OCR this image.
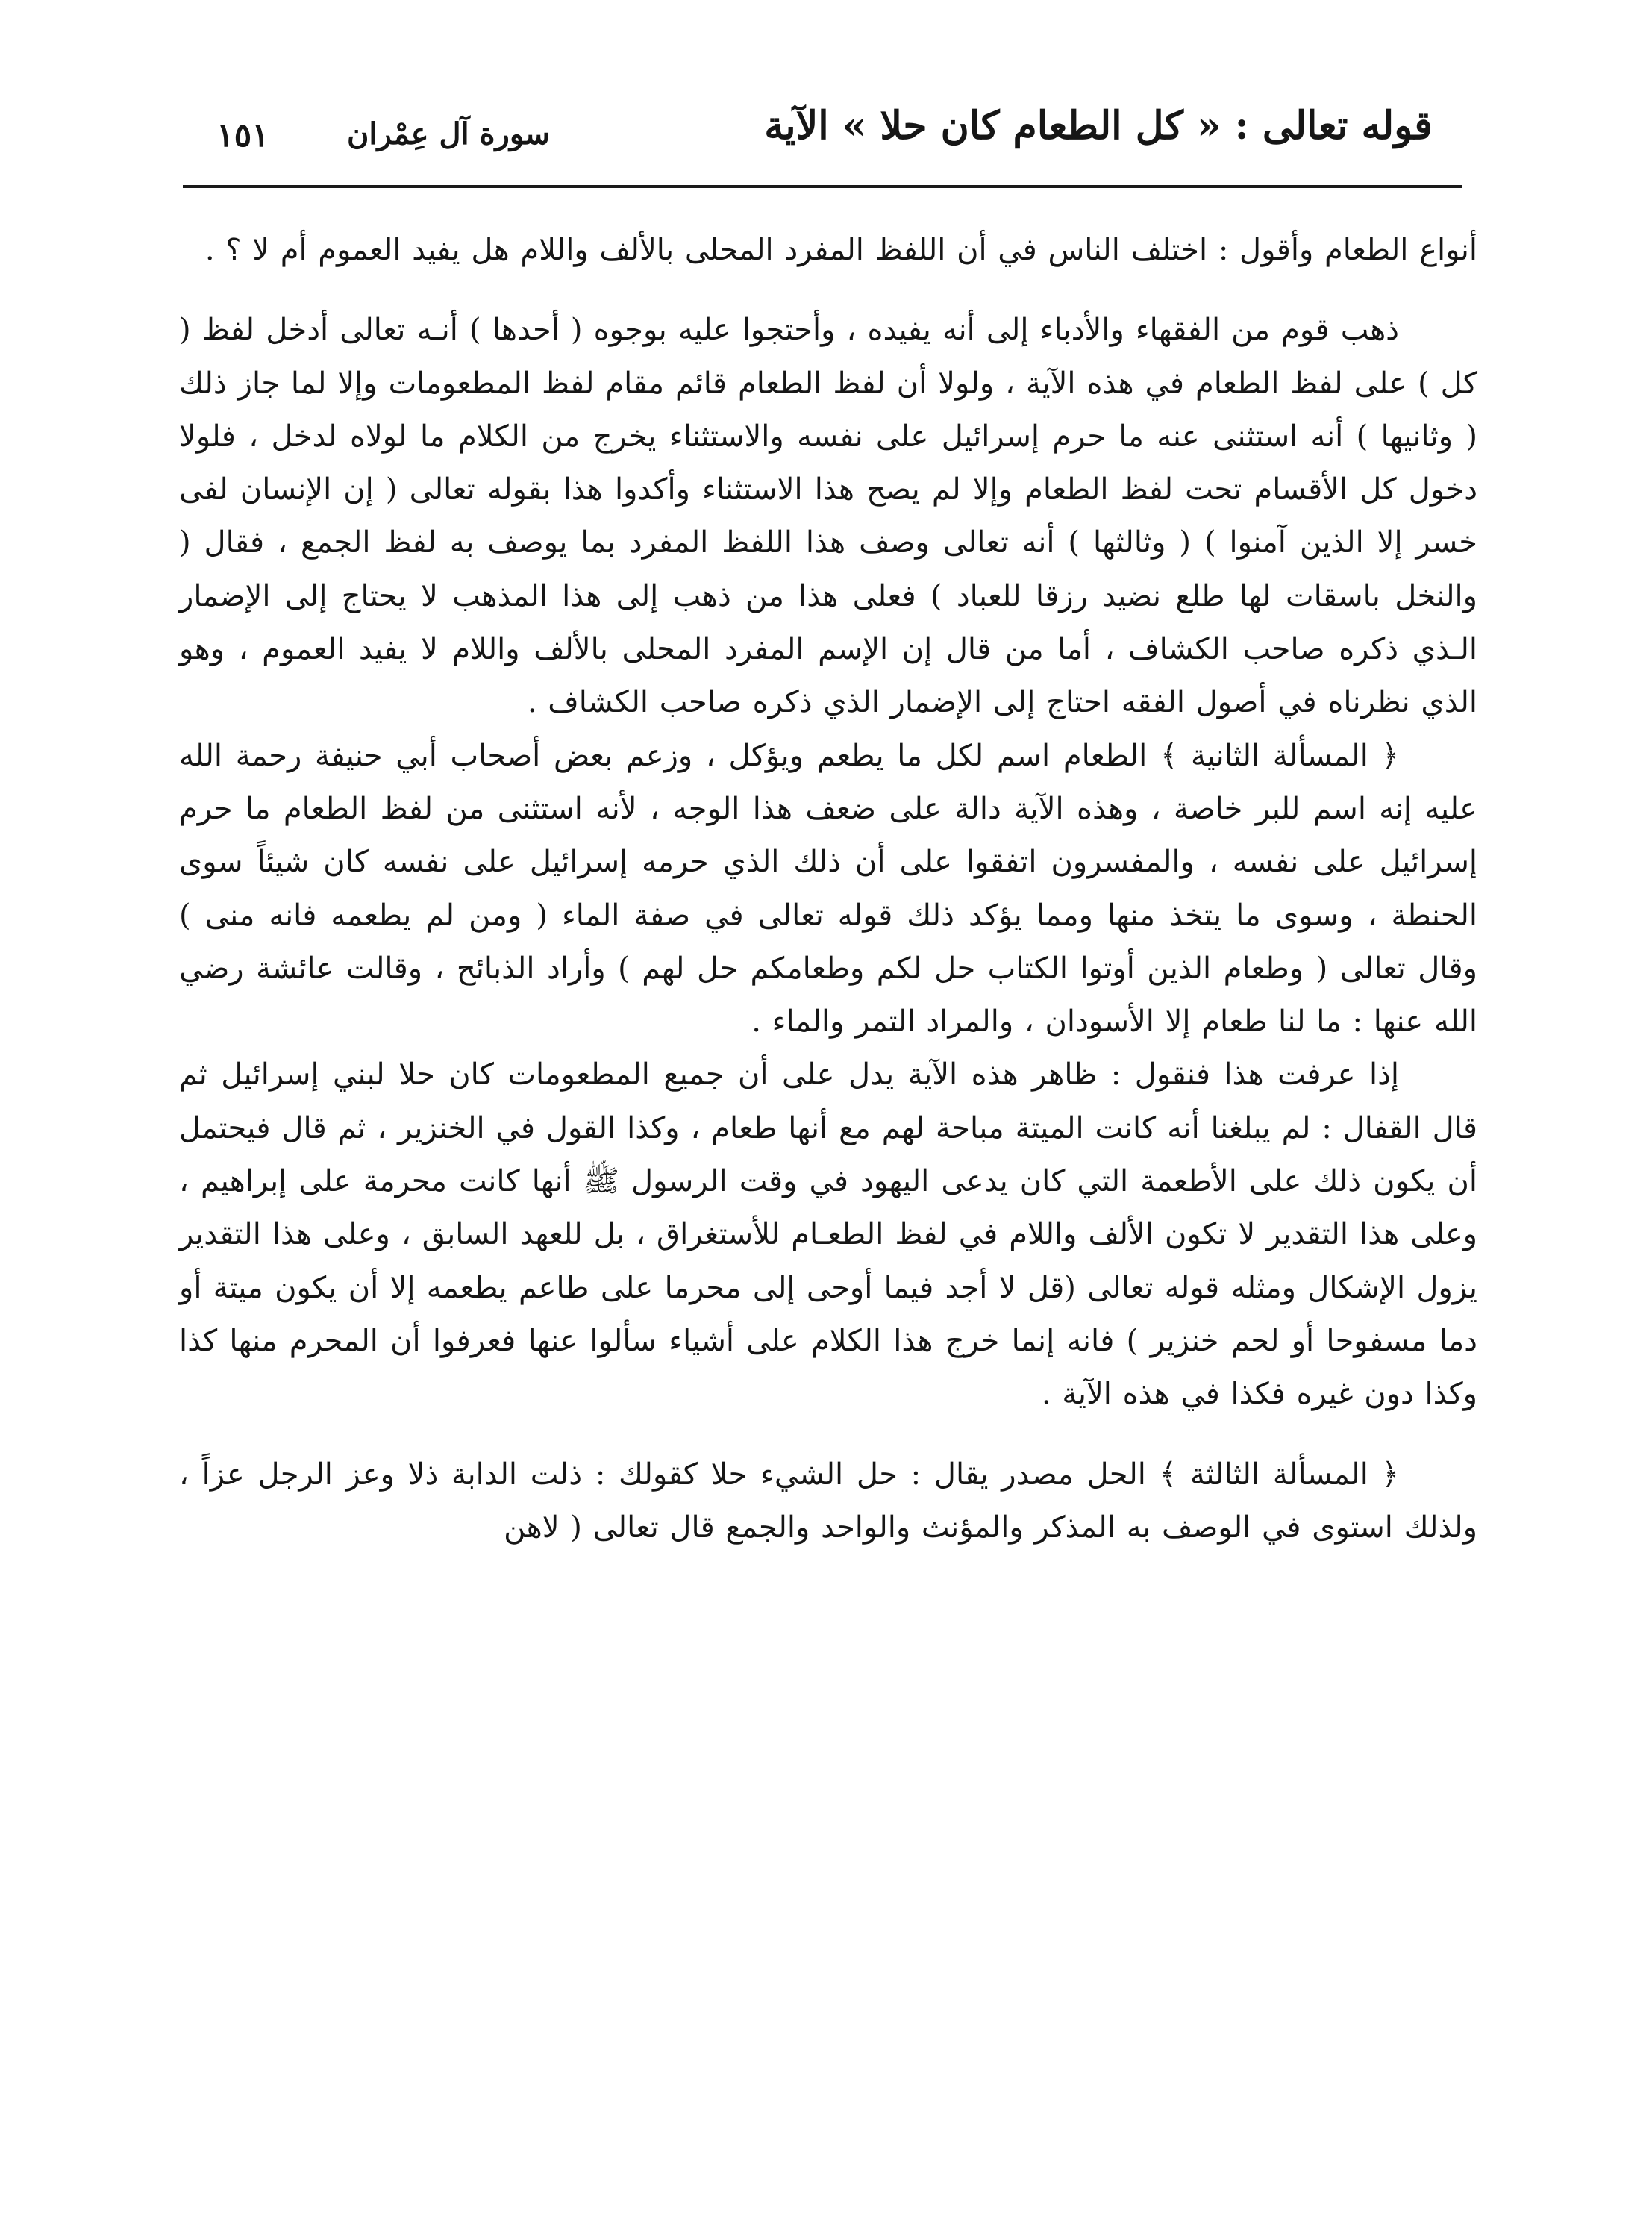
قوله تعالى : « كل الطعام كان حلا » الآية
سورة آل عِمْران
١٥١

أنواع الطعام وأقول : اختلف الناس في أن اللفظ المفرد المحلى بالألف واللام هل يفيد العموم أم لا ؟ .

ذهب قوم من الفقهاء والأدباء إلى أنه يفيده ، وأحتجوا عليه بوجوه ( أحدها ) أنـه تعالى أدخل لفظ ( كل ) على لفظ الطعام في هذه الآية ، ولولا أن لفظ الطعام قائم مقام لفظ المطعومات وإلا لما جاز ذلك ( وثانيها ) أنه استثنى عنه ما حرم إسرائيل على نفسه والاستثناء يخرج من الكلام ما لولاه لدخل ، فلولا دخول كل الأقسام تحت لفظ الطعام وإلا لم يصح هذا الاستثناء وأكدوا هذا بقوله تعالى ( إن الإنسان لفى خسر إلا الذين آمنوا ) ( وثالثها ) أنه تعالى وصف هذا اللفظ المفرد بما يوصف به لفظ الجمع ، فقال ( والنخل باسقات لها طلع نضيد رزقا للعباد ) فعلى هذا من ذهب إلى هذا المذهب لا يحتاج إلى الإضمار الـذي ذكره صاحب الكشاف ، أما من قال إن الإسم المفرد المحلى بالألف واللام لا يفيد العموم ، وهو الذي نظرناه في أصول الفقه احتاج إلى الإضمار الذي ذكره صاحب الكشاف .

﴿ المسألة الثانية ﴾ الطعام اسم لكل ما يطعم ويؤكل ، وزعم بعض أصحاب أبي حنيفة رحمة الله عليه إنه اسم للبر خاصة ، وهذه الآية دالة على ضعف هذا الوجه ، لأنه استثنى من لفظ الطعام ما حرم إسرائيل على نفسه ، والمفسرون اتفقوا على أن ذلك الذي حرمه إسرائيل على نفسه كان شيئاً سوى الحنطة ، وسوى ما يتخذ منها ومما يؤكد ذلك قوله تعالى في صفة الماء ( ومن لم يطعمه فانه منى ) وقال تعالى ( وطعام الذين أوتوا الكتاب حل لكم وطعامكم حل لهم ) وأراد الذبائح ، وقالت عائشة رضي الله عنها : ما لنا طعام إلا الأسودان ، والمراد التمر والماء .

إذا عرفت هذا فنقول : ظاهر هذه الآية يدل على أن جميع المطعومات كان حلا لبني إسرائيل ثم قال القفال : لم يبلغنا أنه كانت الميتة مباحة لهم مع أنها طعام ، وكذا القول في الخنزير ، ثم قال فيحتمل أن يكون ذلك على الأطعمة التي كان يدعى اليهود في وقت الرسول ﷺ أنها كانت محرمة على إبراهيم ، وعلى هذا التقدير لا تكون الألف واللام في لفظ الطعـام للأستغراق ، بل للعهد السابق ، وعلى هذا التقدير يزول الإشكال ومثله قوله تعالى (قل لا أجد فيما أوحى إلى محرما على طاعم يطعمه إلا أن يكون ميتة أو دما مسفوحا أو لحم خنزير ) فانه إنما خرج هذا الكلام على أشياء سألوا عنها فعرفوا أن المحرم منها كذا وكذا دون غيره فكذا في هذه الآية .

﴿ المسألة الثالثة ﴾ الحل مصدر يقال : حل الشيء حلا كقولك : ذلت الدابة ذلا وعز الرجل عزاً ، ولذلك استوى في الوصف به المذكر والمؤنث والواحد والجمع قال تعالى ( لاهن
